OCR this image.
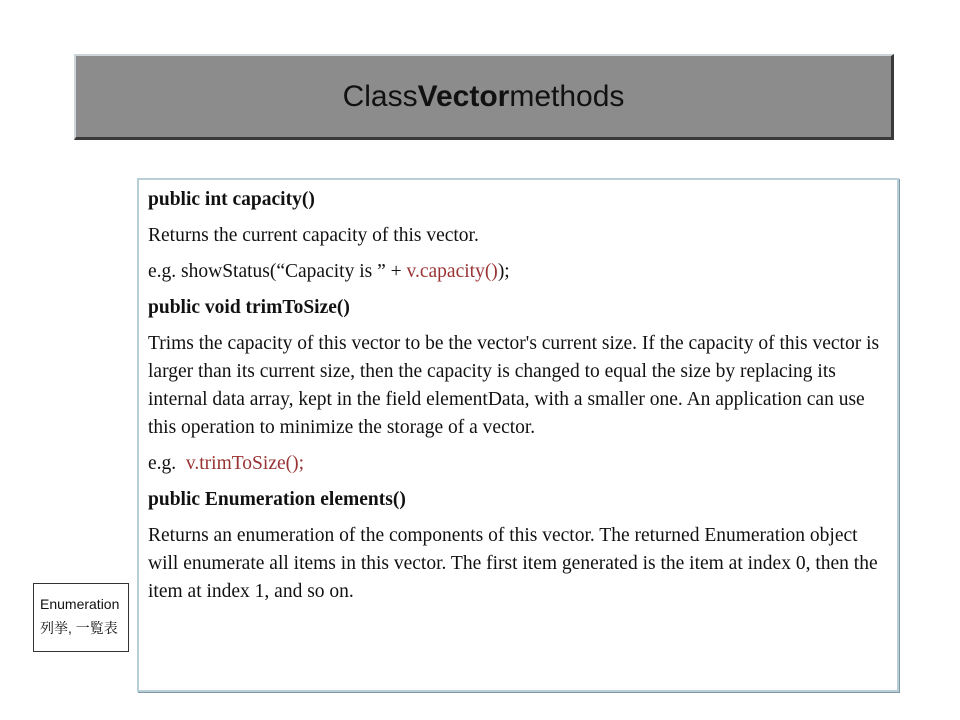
Class Vector methods

public int capacity()

Returns the current capacity of this vector.

e.g. showStatus(“Capacity is ” + v.capacity());

public void trimToSize()

Trims the capacity of this vector to be the vector's current size. If the capacity of this vector is larger than its current size, then the capacity is changed to equal the size by replacing its internal data array, kept in the field elementData, with a smaller one. An application can use this operation to minimize the storage of a vector.

e.g.  v.trimToSize();

public Enumeration elements()

Returns an enumeration of the components of this vector. The returned Enumeration object will enumerate all items in this vector. The first item generated is the item at index 0, then the item at index 1, and so on.

Enumeration
列挙, 一覧表
